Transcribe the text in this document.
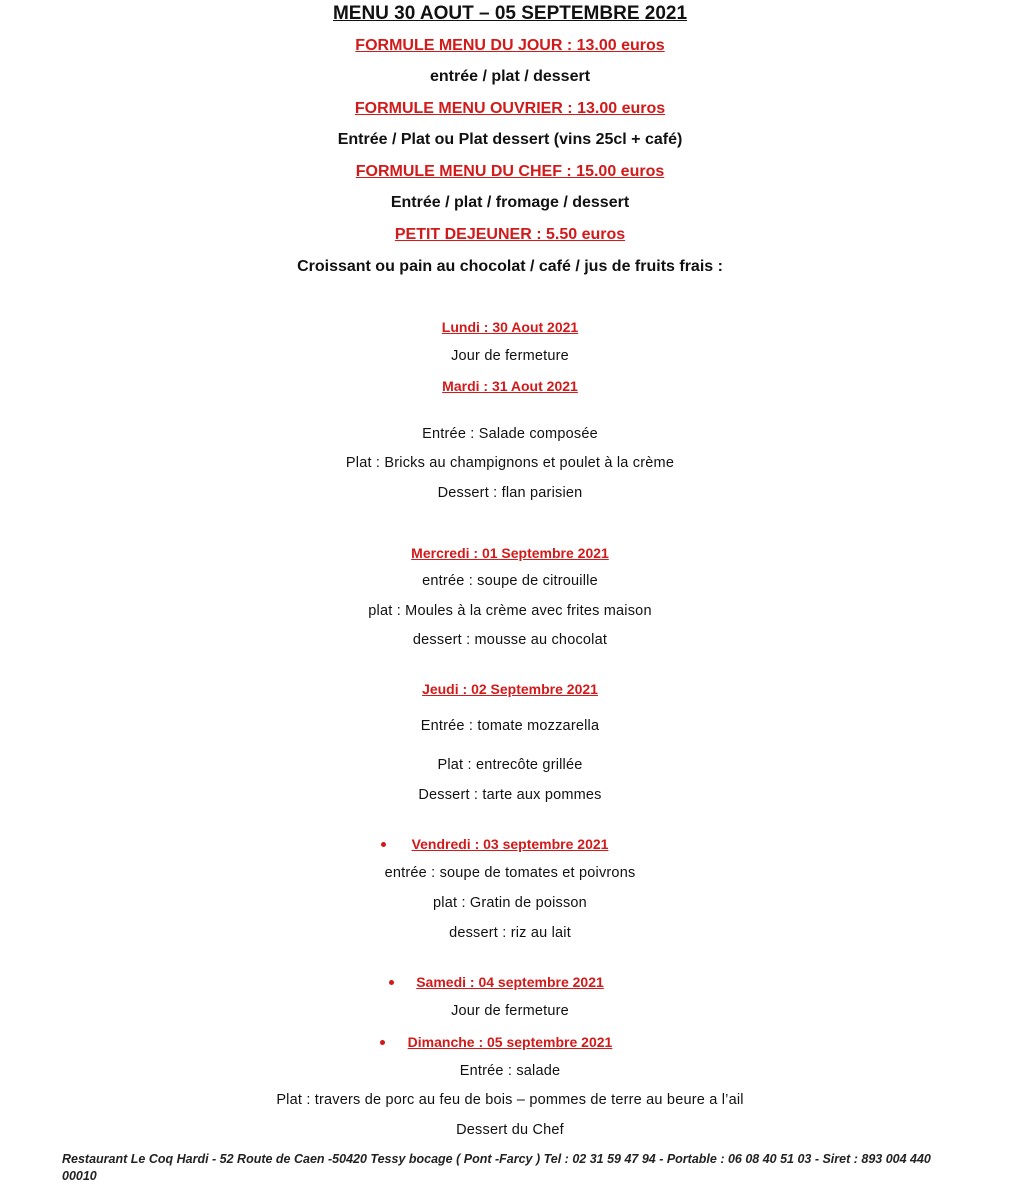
MENU 30 AOUT – 05 SEPTEMBRE 2021
FORMULE MENU DU JOUR : 13.00 euros
entrée / plat / dessert
FORMULE MENU OUVRIER : 13.00 euros
Entrée / Plat ou Plat dessert (vins 25cl + café)
FORMULE MENU DU CHEF : 15.00 euros
Entrée / plat / fromage / dessert
PETIT DEJEUNER : 5.50 euros
Croissant ou pain au chocolat / café / jus de fruits frais :
Lundi : 30 Aout 2021
Jour de fermeture
Mardi : 31 Aout 2021
Entrée : Salade composée
Plat : Bricks au champignons et poulet à la crème
Dessert : flan parisien
Mercredi : 01 Septembre 2021
entrée : soupe de citrouille
plat : Moules à la crème avec frites maison
dessert : mousse au chocolat
Jeudi : 02 Septembre 2021
Entrée : tomate mozzarella
Plat : entrecôte grillée
Dessert : tarte aux pommes
Vendredi : 03 septembre 2021
entrée : soupe de tomates et poivrons
plat : Gratin de poisson
dessert : riz au lait
Samedi : 04 septembre 2021
Jour de fermeture
Dimanche : 05 septembre 2021
Entrée : salade
Plat : travers de porc au feu de bois – pommes de terre au beure a l’ail
Dessert du Chef
Restaurant Le Coq Hardi - 52 Route de Caen -50420 Tessy bocage ( Pont -Farcy ) Tel : 02 31 59 47 94 - Portable : 06 08 40 51 03 - Siret : 893 004 440 00010
